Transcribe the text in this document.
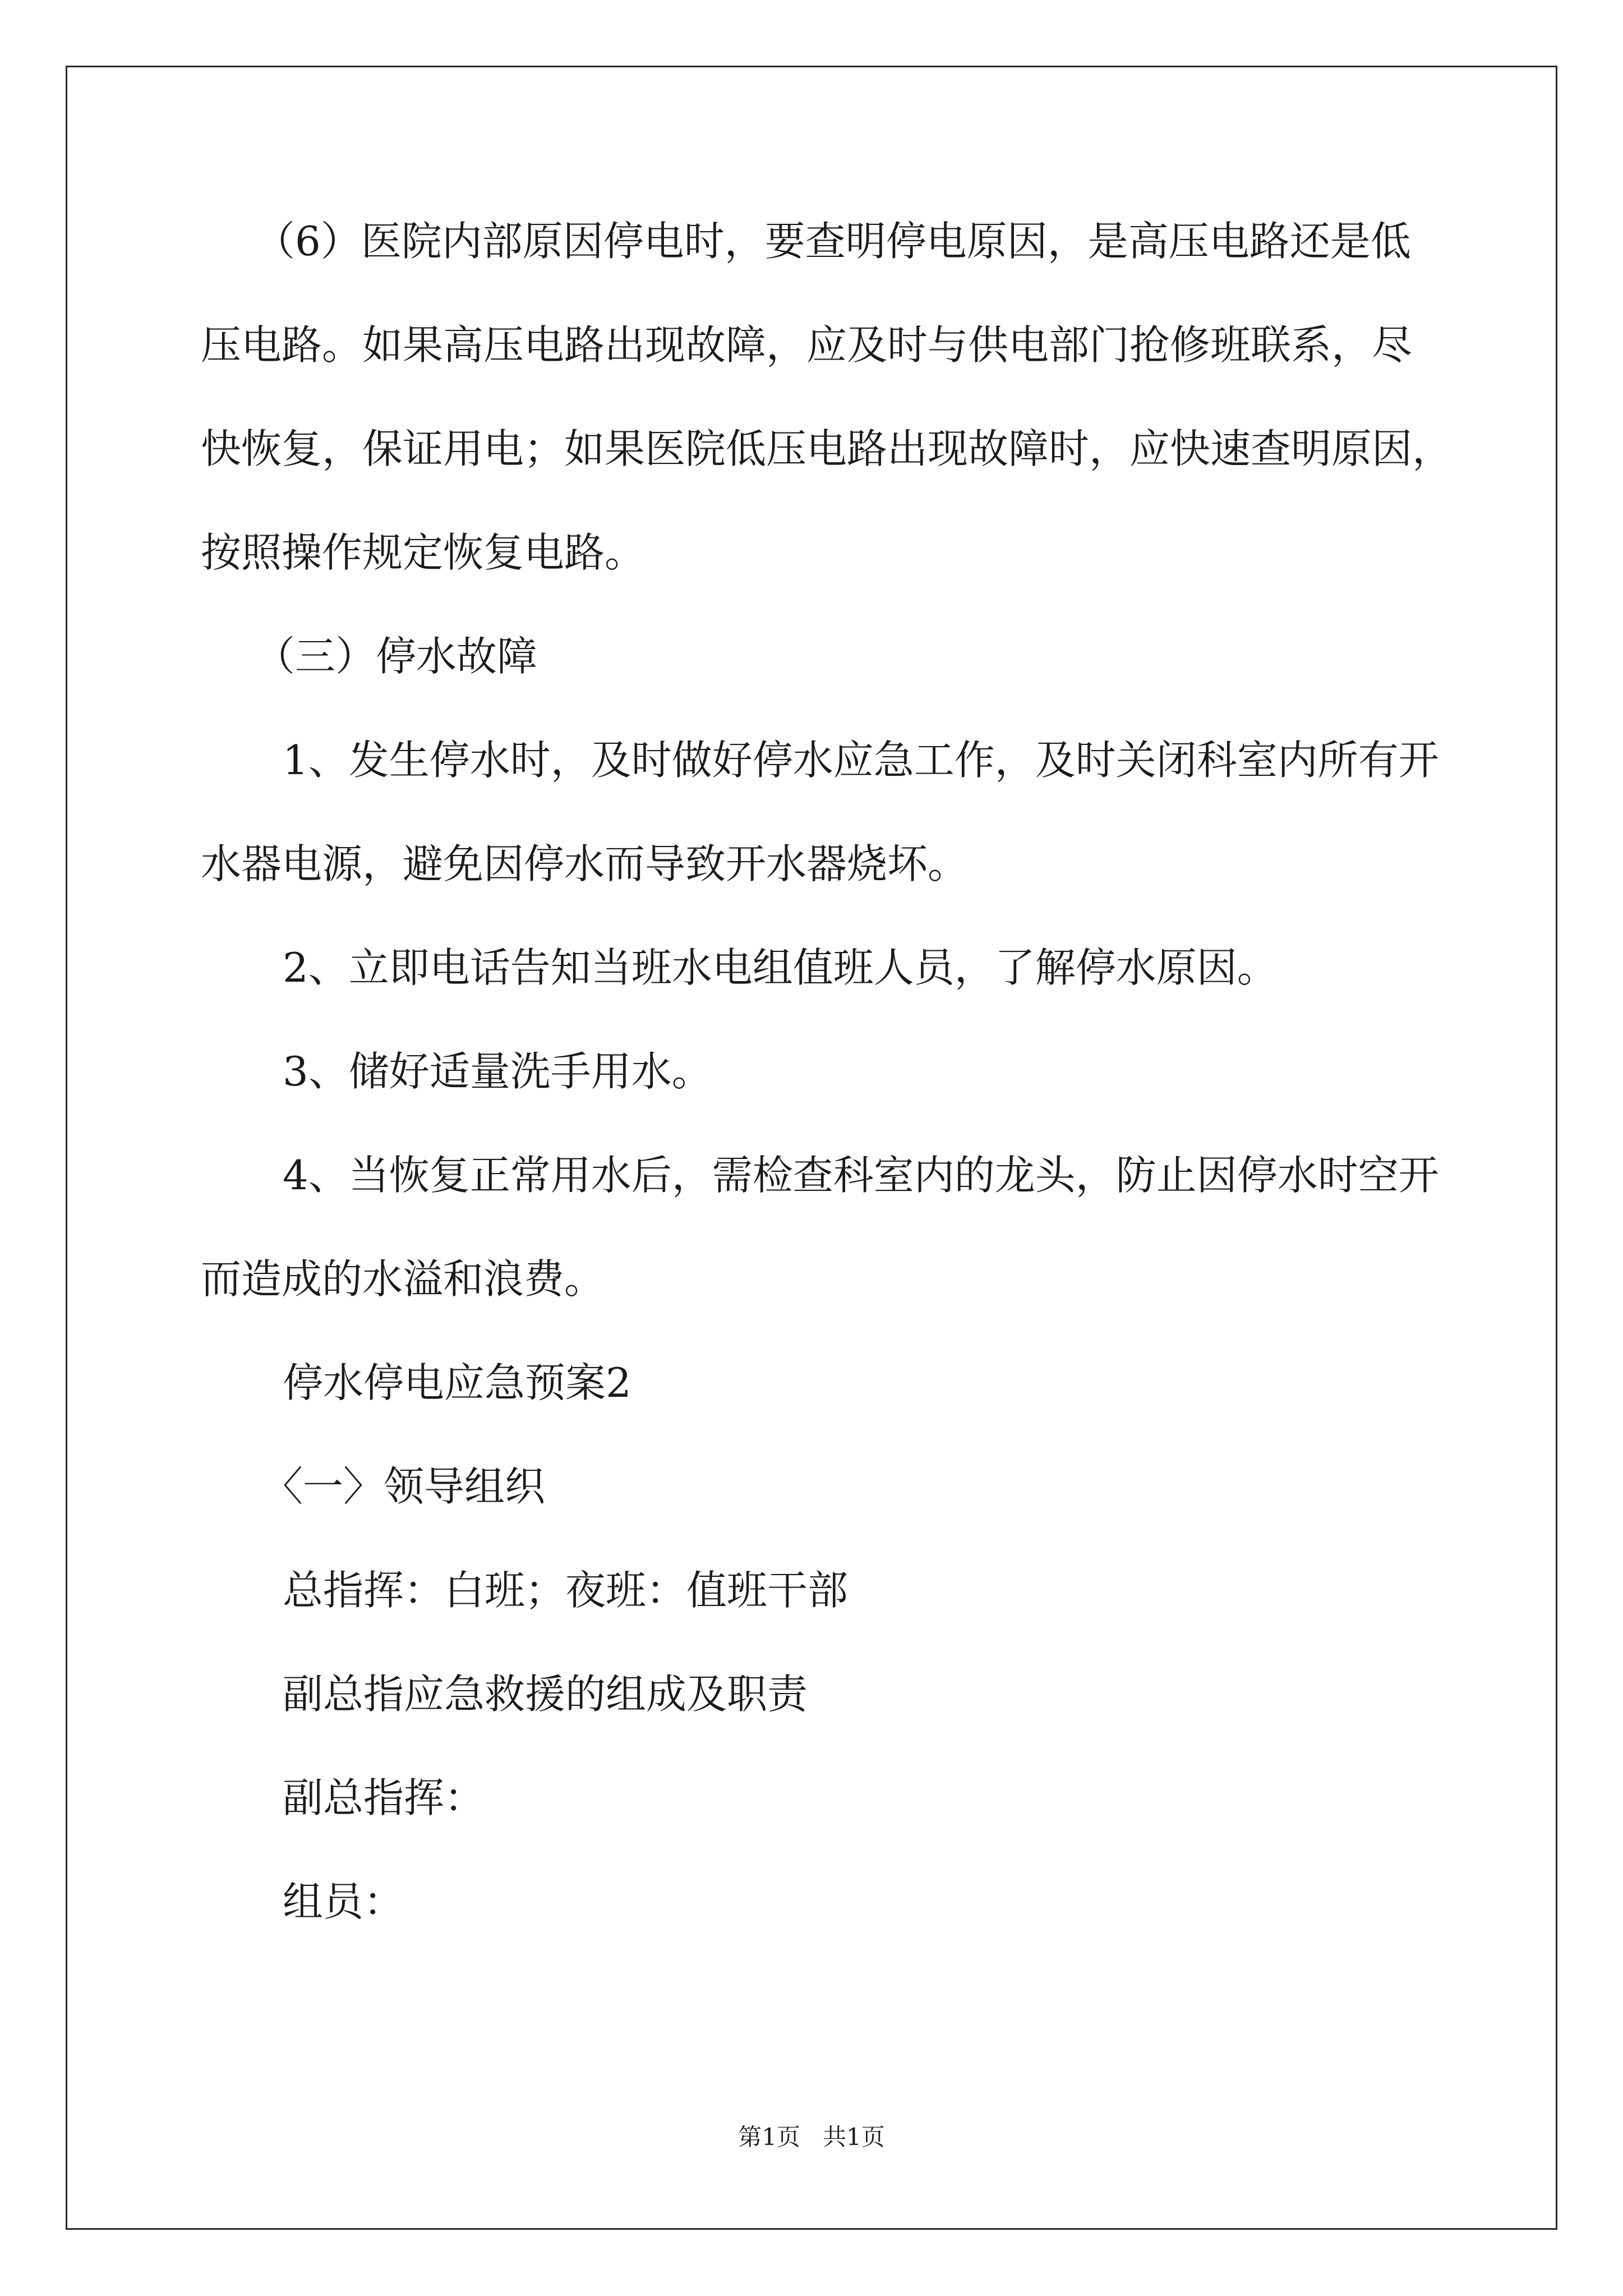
（6）医院内部原因停电时，要查明停电原因，是高压电路还是低
压电路。如果高压电路出现故障，应及时与供电部门抢修班联系，尽
快恢复，保证用电；如果医院低压电路出现故障时，应快速查明原因，
按照操作规定恢复电路。
（三）停水故障
1、发生停水时，及时做好停水应急工作，及时关闭科室内所有开
水器电源，避免因停水而导致开水器烧坏。
2、立即电话告知当班水电组值班人员，了解停水原因。
3、储好适量洗手用水。
4、当恢复正常用水后，需检查科室内的龙头，防止因停水时空开
而造成的水溢和浪费。
停水停电应急预案2
〈一〉领导组织
总指挥：白班；夜班：值班干部
副总指应急救援的组成及职责
副总指挥：
组员：
第1页   共1页
